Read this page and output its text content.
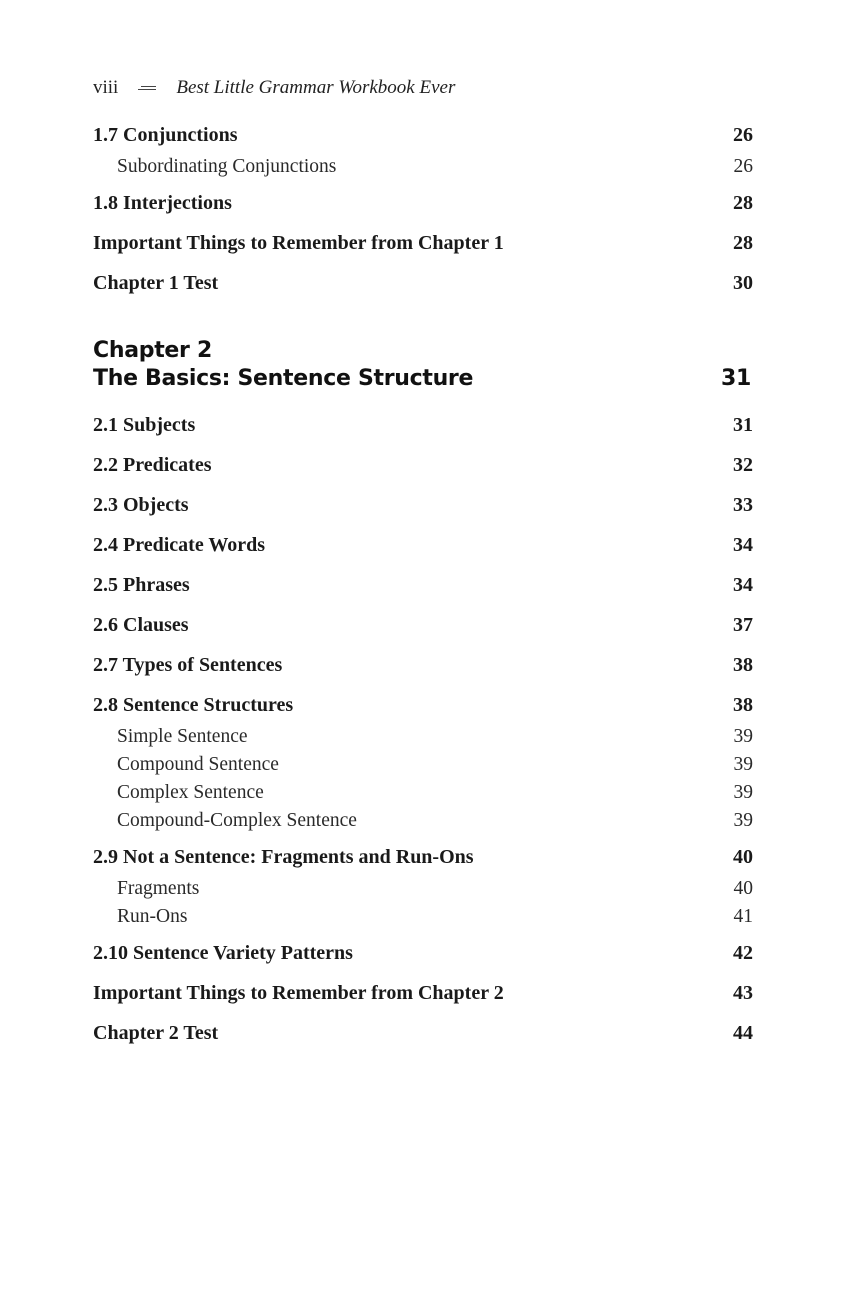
viii	Best Little Grammar Workbook Ever
1.7 Conjunctions	26
Subordinating Conjunctions	26
1.8 Interjections	28
Important Things to Remember from Chapter 1	28
Chapter 1 Test	30
Chapter 2
The Basics: Sentence Structure	31
2.1 Subjects	31
2.2 Predicates	32
2.3 Objects	33
2.4 Predicate Words	34
2.5 Phrases	34
2.6 Clauses	37
2.7 Types of Sentences	38
2.8 Sentence Structures	38
Simple Sentence	39
Compound Sentence	39
Complex Sentence	39
Compound-Complex Sentence	39
2.9 Not a Sentence: Fragments and Run-Ons	40
Fragments	40
Run-Ons	41
2.10 Sentence Variety Patterns	42
Important Things to Remember from Chapter 2	43
Chapter 2 Test	44
